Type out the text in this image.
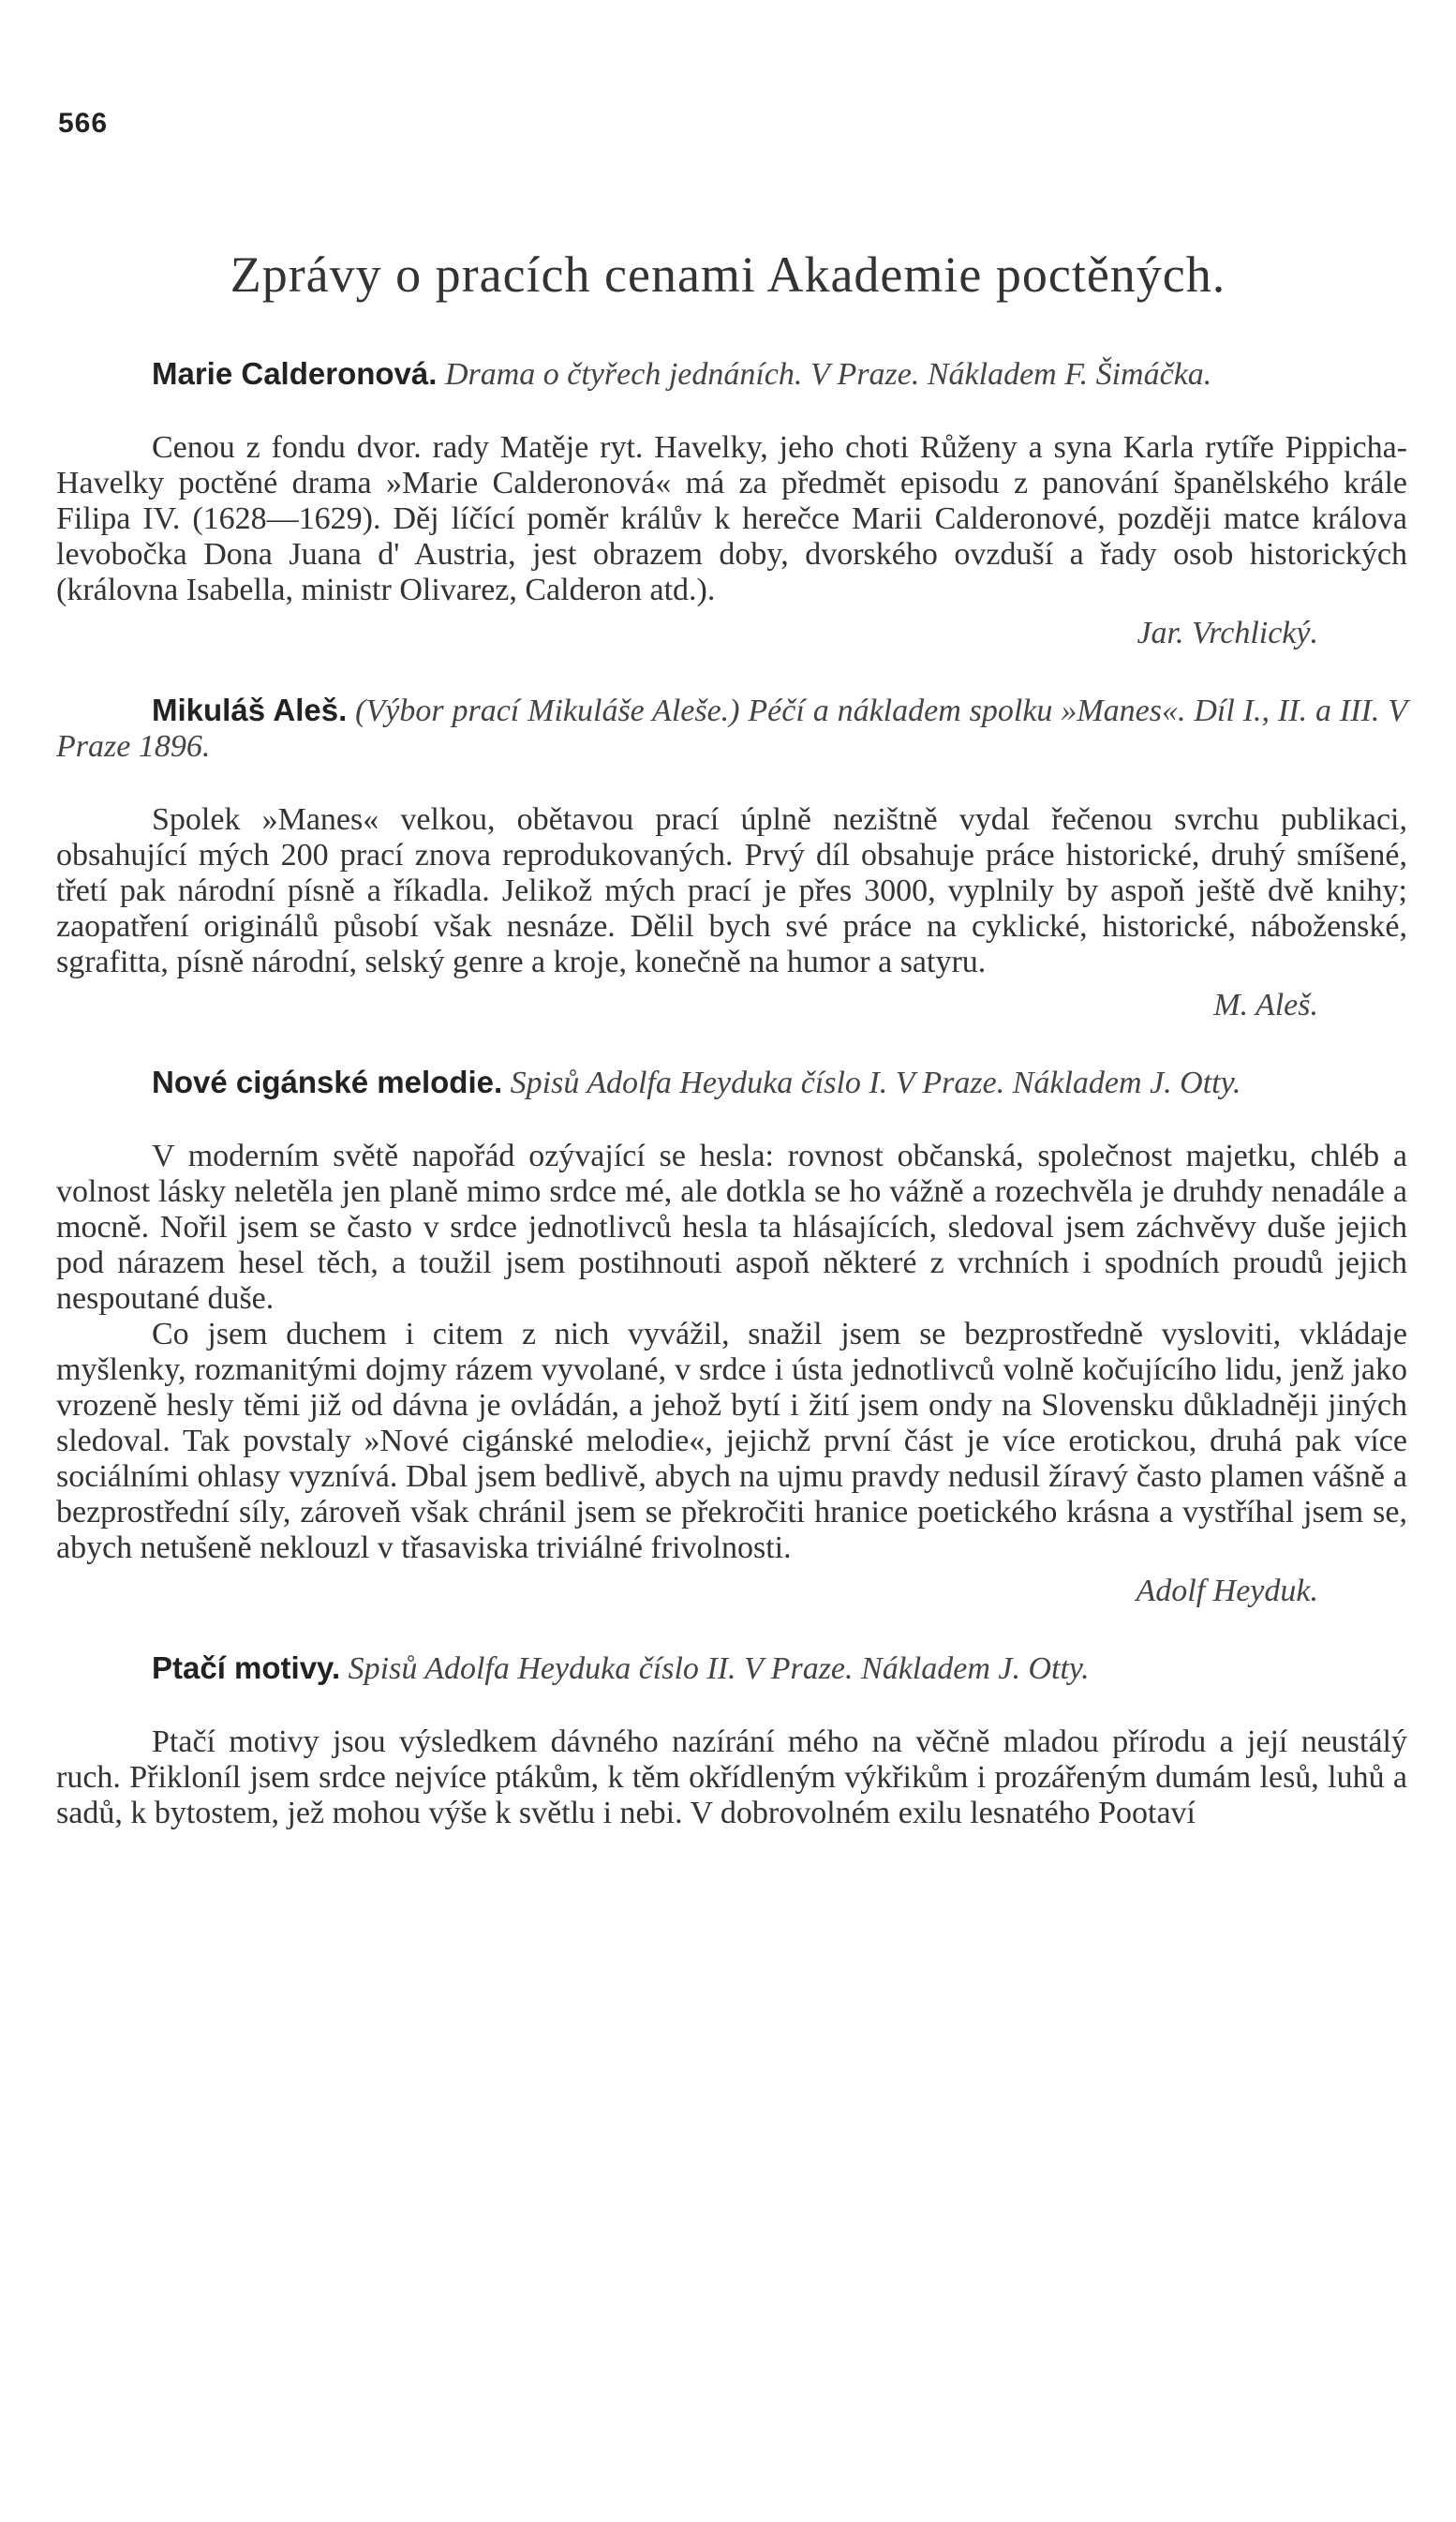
566
Zprávy o pracích cenami Akademie poctěných.

Marie Calderonová. Drama o čtyřech jednáních. V Praze. Nákladem F. Šimáčka.

Cenou z fondu dvor. rady Matěje ryt. Havelky, jeho choti Růženy a syna Karla rytíře Pippicha-Havelky poctěné drama »Marie Calderonová« má za předmět episodu z panování španělského krále Filipa IV. (1628—1629). Děj líčící poměr králův k herečce Marii Calderonové, později matce králova levobočka Dona Juana d' Austria, jest obrazem doby, dvorského ovzduší a řady osob historických (královna Isabella, ministr Olivarez, Calderon atd.).

Jar. Vrchlický.

Mikuláš Aleš. (Výbor prací Mikuláše Aleše.) Péčí a nákladem spolku »Manes«. Díl I., II. a III. V Praze 1896.

Spolek »Manes« velkou, obětavou prací úplně nezištně vydal řečenou svrchu publikaci, obsahující mých 200 prací znova reprodukovaných. Prvý díl obsahuje práce historické, druhý smíšené, třetí pak národní písně a říkadla. Jelikož mých prací je přes 3000, vyplnily by aspoň ještě dvě knihy; zaopatření originálů působí však nesnáze. Dělil bych své práce na cyklické, historické, náboženské, sgrafitta, písně národní, selský genre a kroje, konečně na humor a satyru.

M. Aleš.

Nové cigánské melodie. Spisů Adolfa Heyduka číslo I. V Praze. Nákladem J. Otty.

V moderním světě napořád ozývající se hesla: rovnost občanská, společnost majetku, chléb a volnost lásky neletěla jen planě mimo srdce mé, ale dotkla se ho vážně a rozechvěla je druhdy nenadále a mocně. Nořil jsem se často v srdce jednotlivců hesla ta hlásajících, sledoval jsem záchvěvy duše jejich pod nárazem hesel těch, a toužil jsem postihnouti aspoň některé z vrchních i spodních proudů jejich nespoutané duše.

Co jsem duchem i citem z nich vyvážil, snažil jsem se bezprostředně vysloviti, vkládaje myšlenky, rozmanitými dojmy rázem vyvolané, v srdce i ústa jednotlivců volně kočujícího lidu, jenž jako vrozeně hesly těmi již od dávna je ovládán, a jehož bytí i žití jsem ondy na Slovensku důkladněji jiných sledoval. Tak povstaly »Nové cigánské melodie«, jejichž první část je více erotickou, druhá pak více sociálními ohlasy vyznívá. Dbal jsem bedlivě, abych na ujmu pravdy nedusil žíravý často plamen vášně a bezprostřední síly, zároveň však chránil jsem se překročiti hranice poetického krásna a vystříhal jsem se, abych netušeně neklouzl v třasaviska triviálné frivolnosti.

Adolf Heyduk.

Ptačí motivy. Spisů Adolfa Heyduka číslo II. V Praze. Nákladem J. Otty.

Ptačí motivy jsou výsledkem dávného nazírání mého na věčně mladou přírodu a její neustálý ruch. Přikloníl jsem srdce nejvíce ptákům, k těm okřídleným výkřikům i prozářeným dumám lesů, luhů a sadů, k bytostem, jež mohou výše k světlu i nebi. V dobrovolném exilu lesnatého Pootaví
